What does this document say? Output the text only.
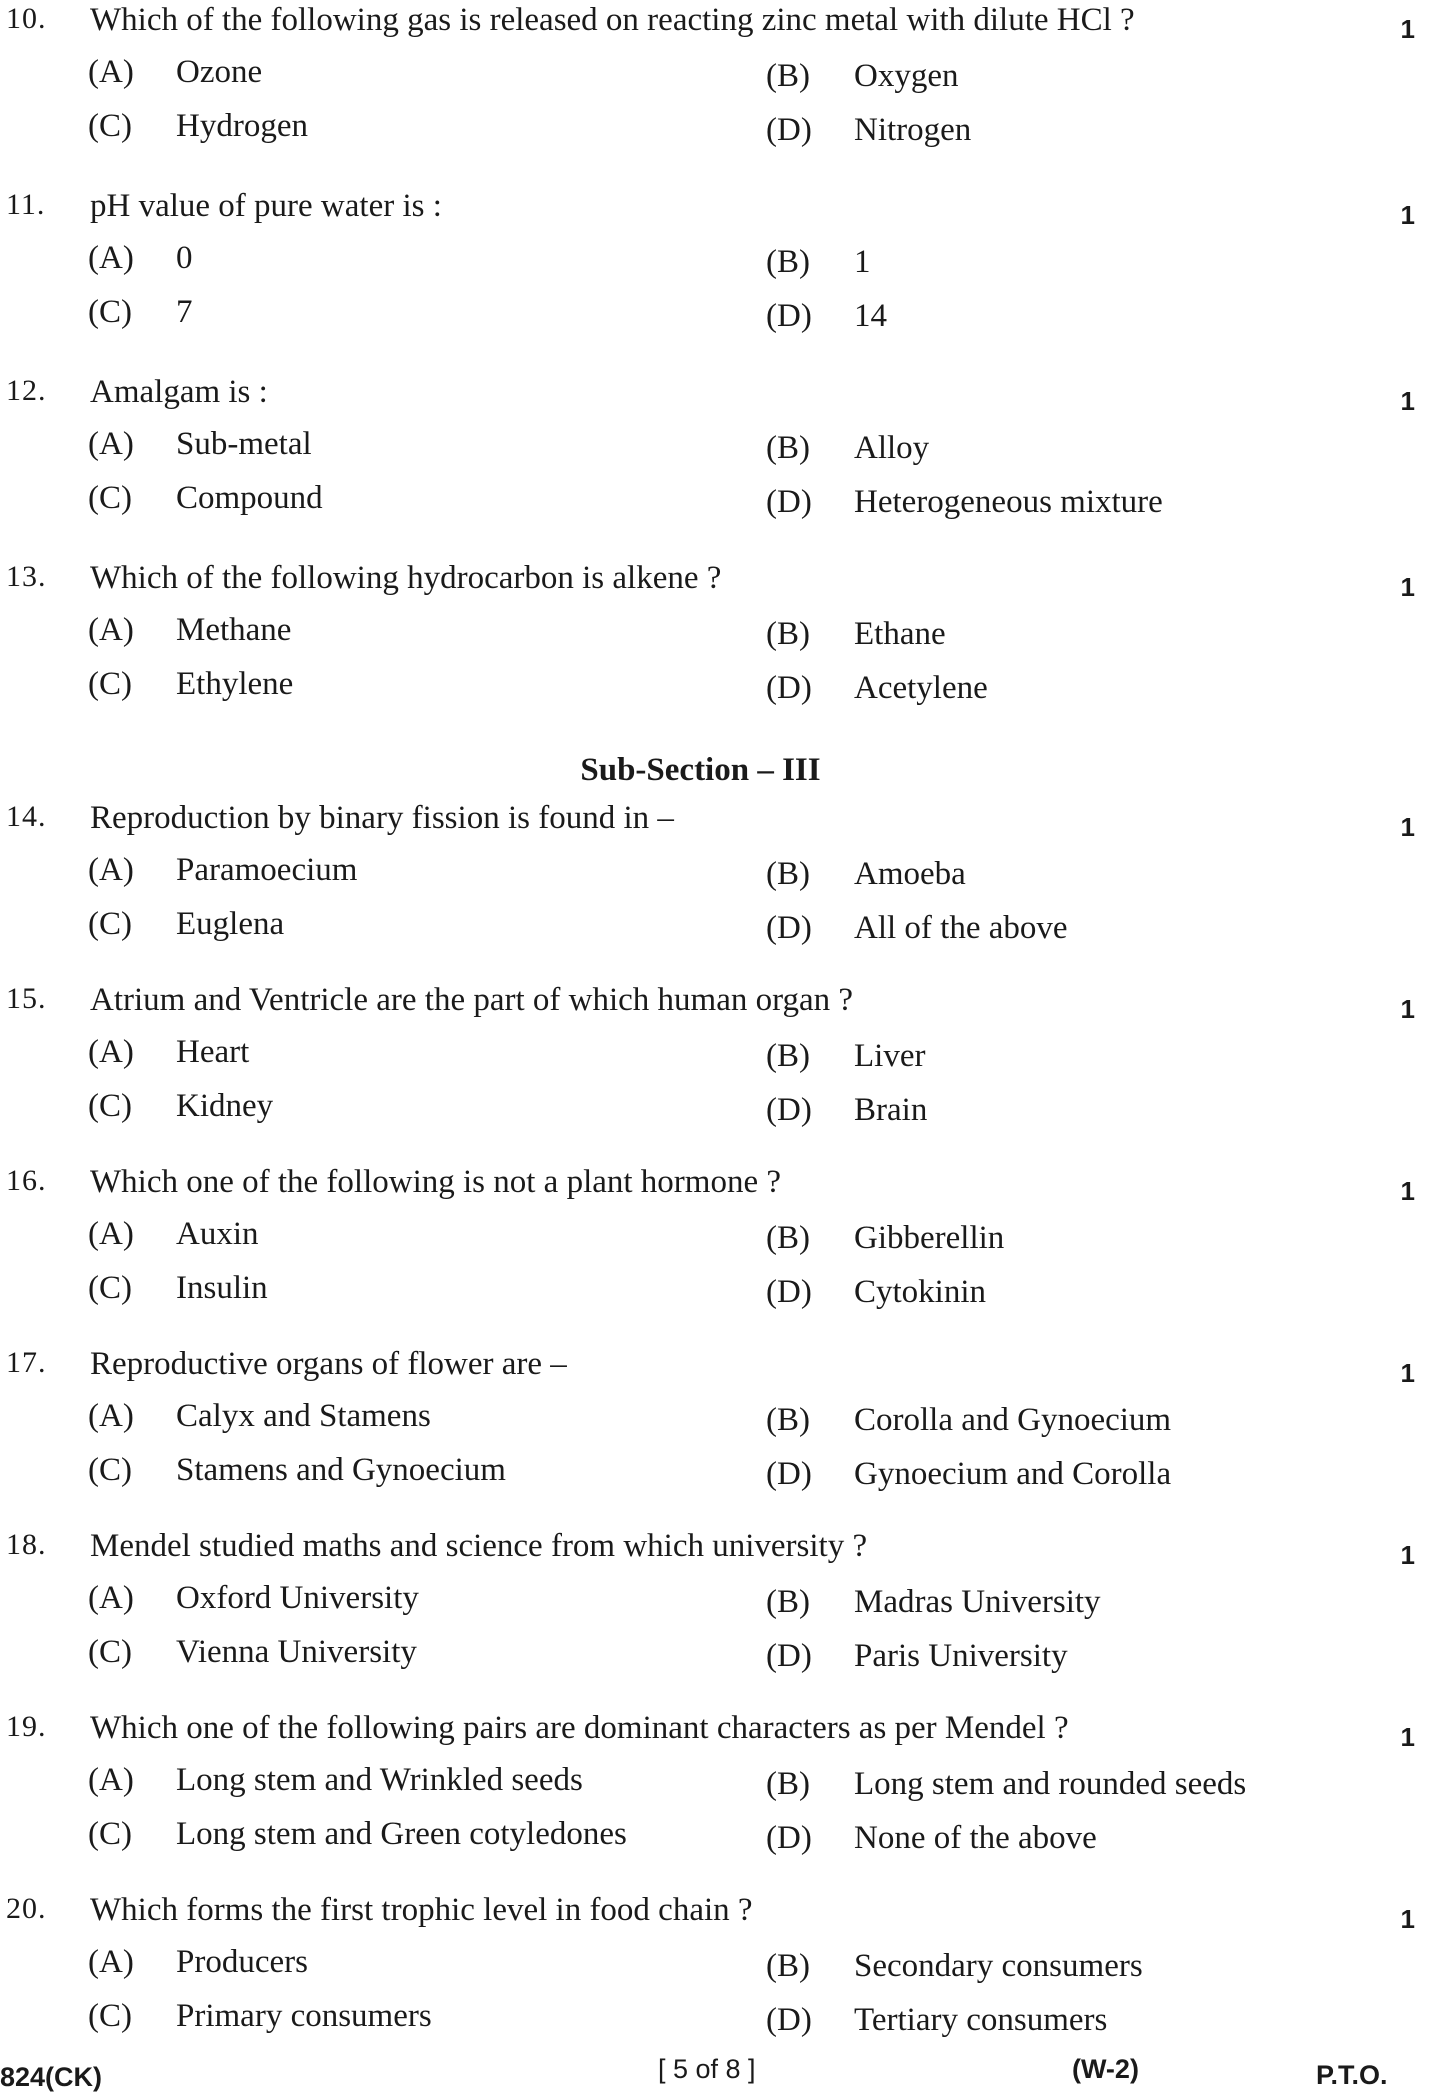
10. Which of the following gas is released on reacting zinc metal with dilute HCl ?	1
(A) Ozone	(B) Oxygen
(C) Hydrogen	(D) Nitrogen
11. pH value of pure water is :	1
(A) 0	(B) 1
(C) 7	(D) 14
12. Amalgam is :	1
(A) Sub-metal	(B) Alloy
(C) Compound	(D) Heterogeneous mixture
13. Which of the following hydrocarbon is alkene ?	1
(A) Methane	(B) Ethane
(C) Ethylene	(D) Acetylene
Sub-Section – III
14. Reproduction by binary fission is found in –	1
(A) Paramoecium	(B) Amoeba
(C) Euglena	(D) All of the above
15. Atrium and Ventricle are the part of which human organ ?	1
(A) Heart	(B) Liver
(C) Kidney	(D) Brain
16. Which one of the following is not a plant hormone ?	1
(A) Auxin	(B) Gibberellin
(C) Insulin	(D) Cytokinin
17. Reproductive organs of flower are –	1
(A) Calyx and Stamens	(B) Corolla and Gynoecium
(C) Stamens and Gynoecium	(D) Gynoecium and Corolla
18. Mendel studied maths and science from which university ?	1
(A) Oxford University	(B) Madras University
(C) Vienna University	(D) Paris University
19. Which one of the following pairs are dominant characters as per Mendel ?	1
(A) Long stem and Wrinkled seeds	(B) Long stem and rounded seeds
(C) Long stem and Green cotyledones	(D) None of the above
20. Which forms the first trophic level in food chain ?	1
(A) Producers	(B) Secondary consumers
(C) Primary consumers	(D) Tertiary consumers
824(CK)	[ 5 of 8 ]	(W-2)	P.T.O.
